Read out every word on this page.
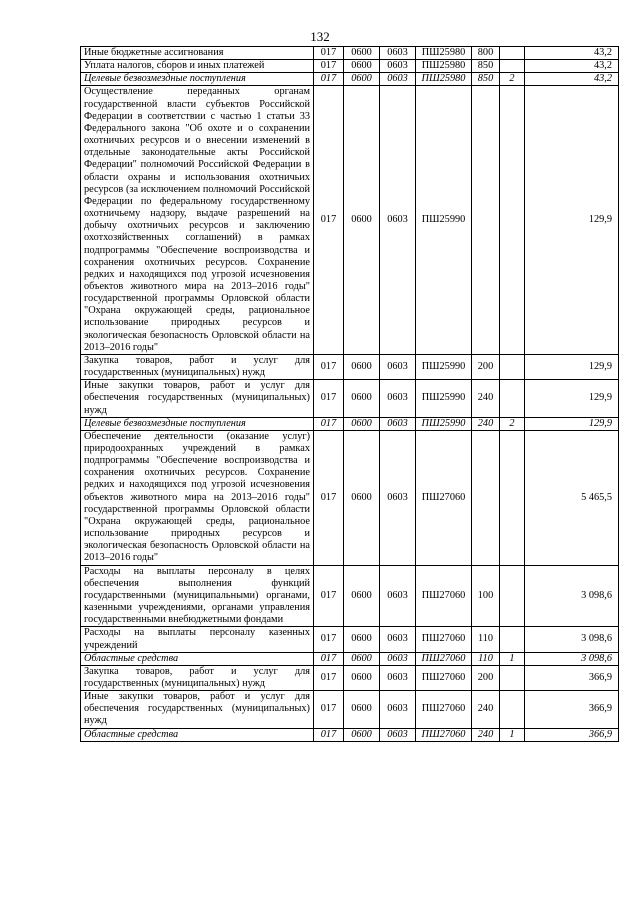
132
Иные бюджетные ассигнования	017	0600	0603	ПШ25980	800		43,2
Уплата налогов, сборов и иных платежей	017	0600	0603	ПШ25980	850		43,2
Целевые безвозмездные поступления	017	0600	0603	ПШ25980	850	2	43,2
Осуществление переданных органам государственной власти субъектов Российской Федерации в соответствии с частью 1 статьи 33 Федерального закона "Об охоте и о сохранении охотничьих ресурсов и о внесении изменений в отдельные законодательные акты Российской Федерации" полномочий Российской Федерации в области охраны и использования охотничьих ресурсов (за исключением полномочий Российской Федерации по федеральному государственному охотничьему надзору, выдаче разрешений на добычу охотничьих ресурсов и заключению охотхозяйственных соглашений) в рамках подпрограммы "Обеспечение воспроизводства и сохранения охотничьих ресурсов. Сохранение редких и находящихся под угрозой исчезновения объектов животного мира на 2013–2016 годы" государственной программы Орловской области "Охрана окружающей среды, рациональное использование природных ресурсов и экологическая безопасность Орловской области на 2013–2016 годы"	017	0600	0603	ПШ25990			129,9
Закупка товаров, работ и услуг для государственных (муниципальных) нужд	017	0600	0603	ПШ25990	200		129,9
Иные закупки товаров, работ и услуг для обеспечения государственных (муниципальных) нужд	017	0600	0603	ПШ25990	240		129,9
Целевые безвозмездные поступления	017	0600	0603	ПШ25990	240	2	129,9
Обеспечение деятельности (оказание услуг) природоохранных учреждений в рамках подпрограммы "Обеспечение воспроизводства и сохранения охотничьих ресурсов. Сохранение редких и находящихся под угрозой исчезновения объектов животного мира на 2013–2016 годы" государственной программы Орловской области "Охрана окружающей среды, рациональное использование природных ресурсов и экологическая безопасность Орловской области на 2013–2016 годы"	017	0600	0603	ПШ27060			5 465,5
Расходы на выплаты персоналу в целях обеспечения выполнения функций государственными (муниципальными) органами, казенными учреждениями, органами управления государственными внебюджетными фондами	017	0600	0603	ПШ27060	100		3 098,6
Расходы на выплаты персоналу казенных учреждений	017	0600	0603	ПШ27060	110		3 098,6
Областные средства	017	0600	0603	ПШ27060	110	1	3 098,6
Закупка товаров, работ и услуг для государственных (муниципальных) нужд	017	0600	0603	ПШ27060	200		366,9
Иные закупки товаров, работ и услуг для обеспечения государственных (муниципальных) нужд	017	0600	0603	ПШ27060	240		366,9
Областные средства	017	0600	0603	ПШ27060	240	1	366,9
